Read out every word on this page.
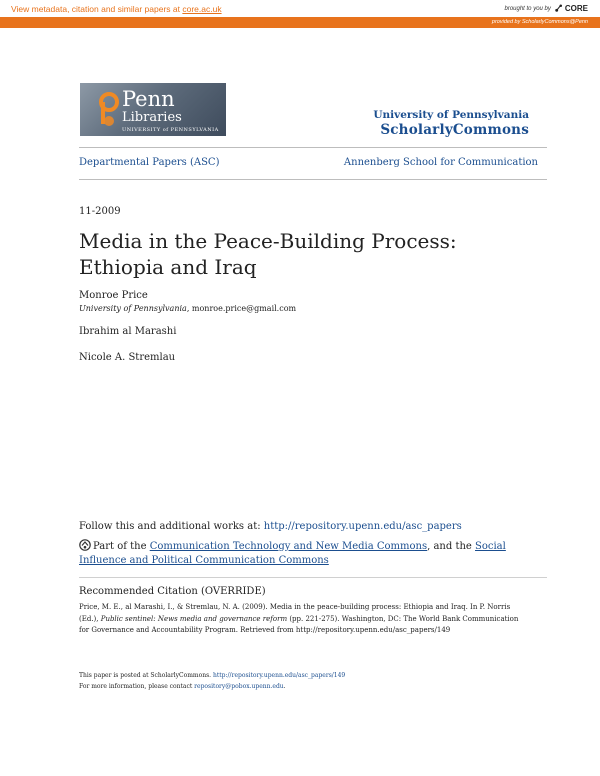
View metadata, citation and similar papers at core.ac.uk	brought to you by CORE
provided by ScholarlyCommons@Penn
Penn
Libraries
UNIVERSITY of PENNSYLVANIA
University of Pennsylvania
ScholarlyCommons
Departmental Papers (ASC)	Annenberg School for Communication
11-2009
Media in the Peace-Building Process: Ethiopia and Iraq
Monroe Price
University of Pennsylvania, monroe.price@gmail.com
Ibrahim al Marashi
Nicole A. Stremlau
Follow this and additional works at: http://repository.upenn.edu/asc_papers
Part of the Communication Technology and New Media Commons, and the Social Influence and Political Communication Commons
Recommended Citation (OVERRIDE)
Price, M. E., al Marashi, I., & Stremlau, N. A. (2009). Media in the peace-building process: Ethiopia and Iraq. In P. Norris (Ed.), Public sentinel: News media and governance reform (pp. 221-275). Washington, DC: The World Bank Communication for Governance and Accountability Program. Retrieved from http://repository.upenn.edu/asc_papers/149
This paper is posted at ScholarlyCommons. http://repository.upenn.edu/asc_papers/149
For more information, please contact repository@pobox.upenn.edu.
